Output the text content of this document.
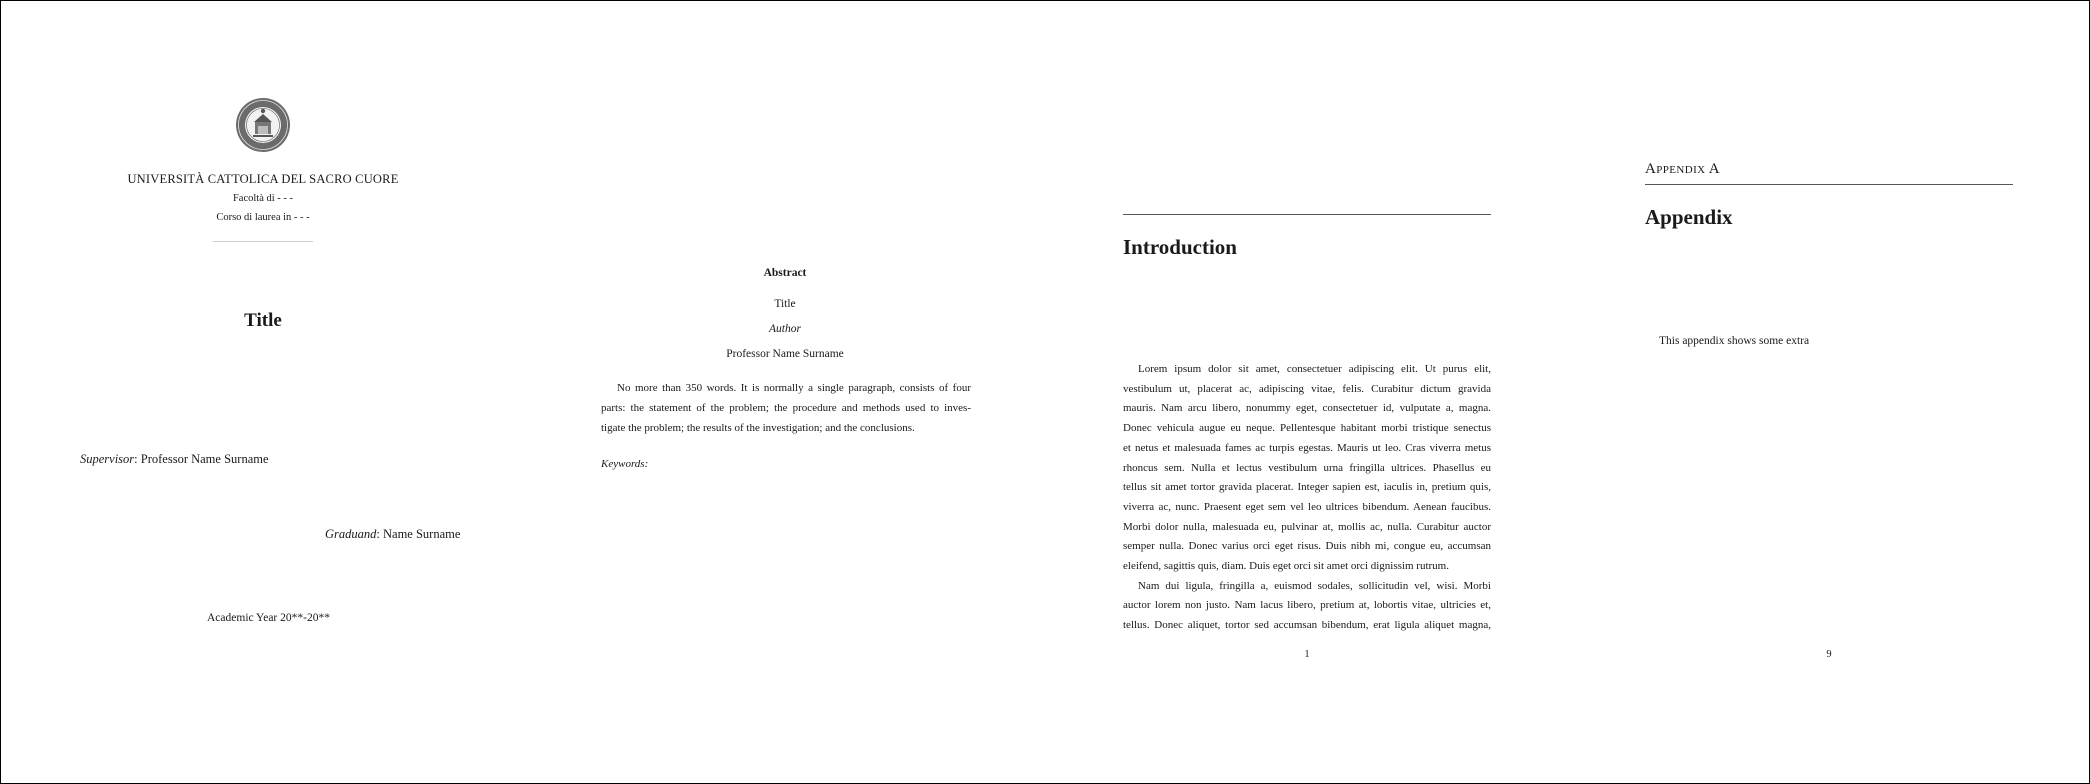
UNIVERSITÀ CATTOLICA DEL SACRO CUORE
Facoltà di - - -
Corso di laurea in - - -
Title
Supervisor: Professor Name Surname
Graduand: Name Surname
Academic Year 20**-20**
Abstract
Title
Author
Professor Name Surname
No more than 350 words. It is normally a single paragraph, consists of four
parts: the statement of the problem; the procedure and methods used to inves-
tigate the problem; the results of the investigation; and the conclusions.
Keywords:
Introduction
Lorem ipsum dolor sit amet, consectetuer adipiscing elit. Ut purus elit,
vestibulum ut, placerat ac, adipiscing vitae, felis. Curabitur dictum gravida
mauris. Nam arcu libero, nonummy eget, consectetuer id, vulputate a, magna.
Donec vehicula augue eu neque. Pellentesque habitant morbi tristique senectus
et netus et malesuada fames ac turpis egestas. Mauris ut leo. Cras viverra metus
rhoncus sem. Nulla et lectus vestibulum urna fringilla ultrices. Phasellus eu
tellus sit amet tortor gravida placerat. Integer sapien est, iaculis in, pretium quis,
viverra ac, nunc. Praesent eget sem vel leo ultrices bibendum. Aenean faucibus.
Morbi dolor nulla, malesuada eu, pulvinar at, mollis ac, nulla. Curabitur auctor
semper nulla. Donec varius orci eget risus. Duis nibh mi, congue eu, accumsan
eleifend, sagittis quis, diam. Duis eget orci sit amet orci dignissim rutrum.
Nam dui ligula, fringilla a, euismod sodales, sollicitudin vel, wisi. Morbi
auctor lorem non justo. Nam lacus libero, pretium at, lobortis vitae, ultricies et,
tellus. Donec aliquet, tortor sed accumsan bibendum, erat ligula aliquet magna,
1
Appendix A
Appendix
This appendix shows some extra
9
